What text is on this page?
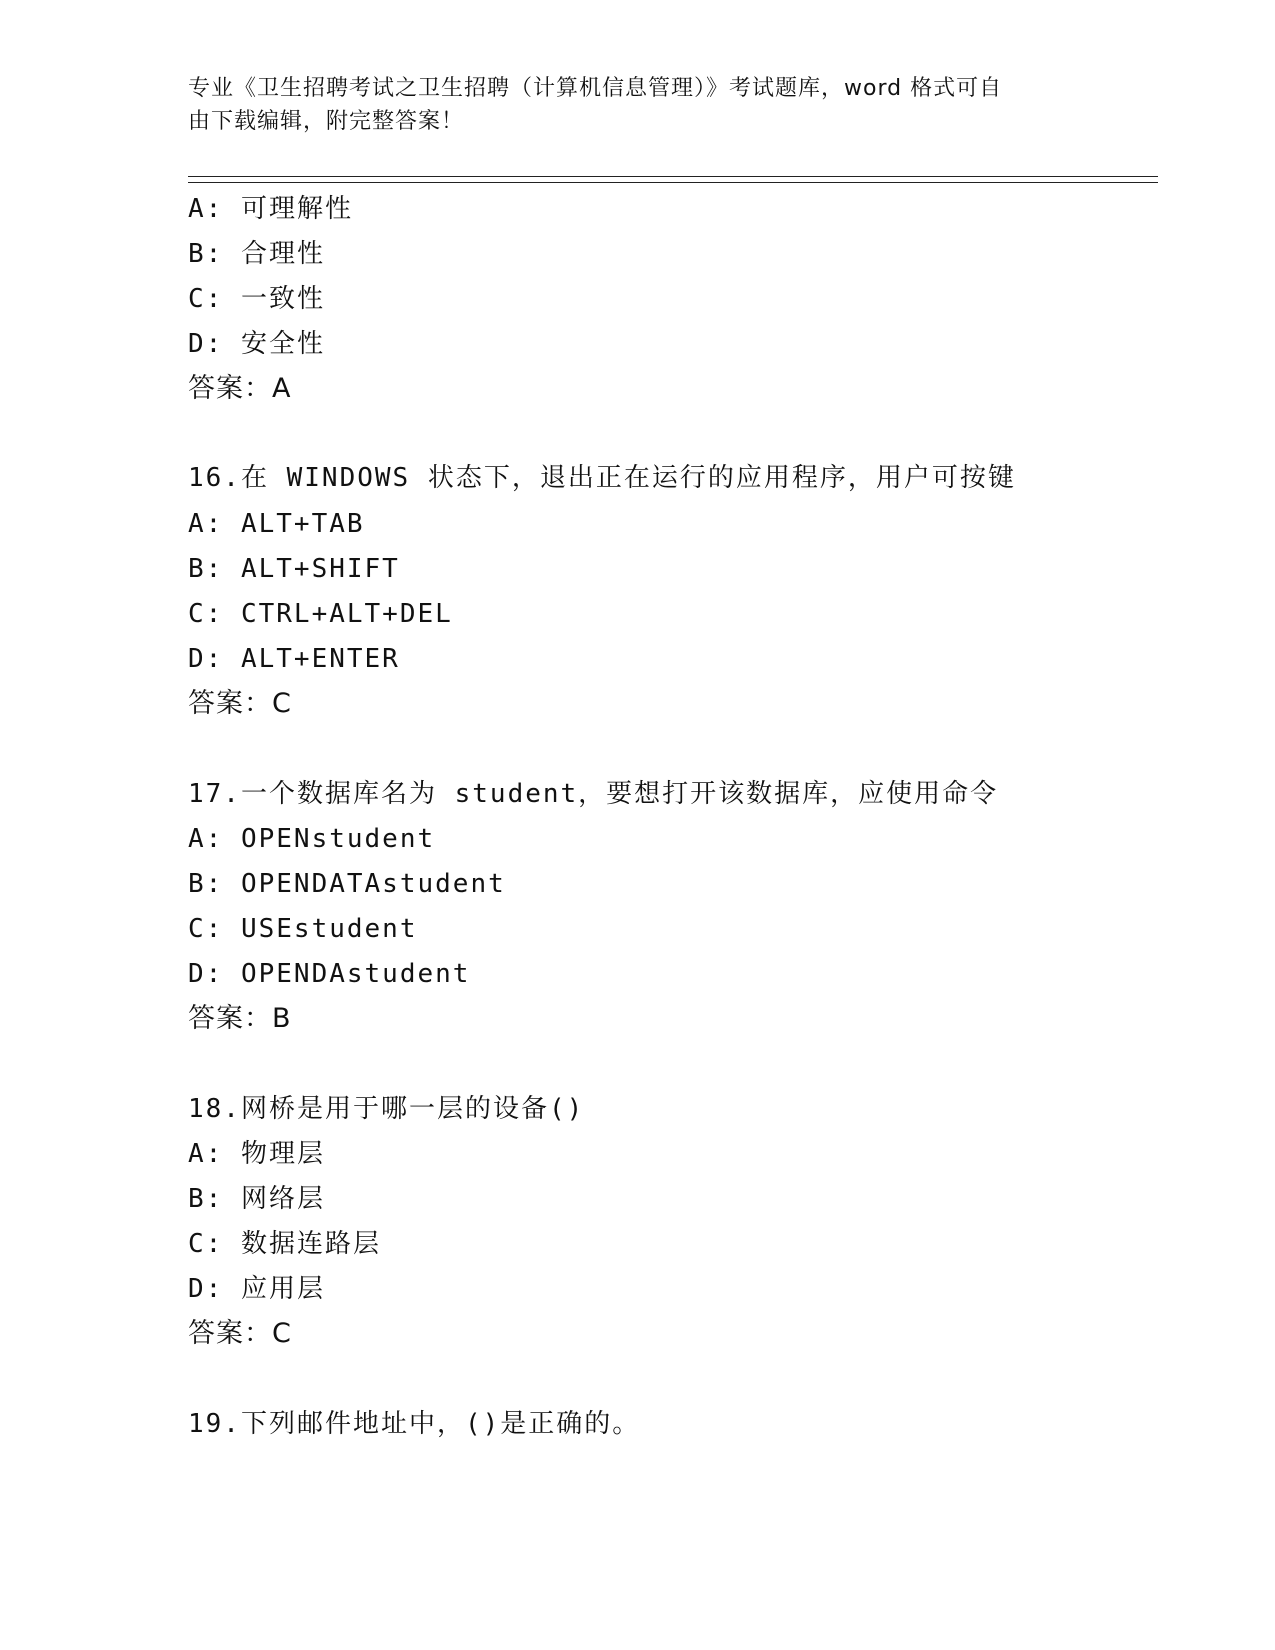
专业《卫生招聘考试之卫生招聘（计算机信息管理）》考试题库，word 格式可自
由下载编辑，附完整答案！
A: 可理解性
B: 合理性
C: 一致性
D: 安全性
答案：A
16.在 WINDOWS 状态下，退出正在运行的应用程序，用户可按键
A: ALT+TAB
B: ALT+SHIFT
C: CTRL+ALT+DEL
D: ALT+ENTER
答案：C
17.一个数据库名为 student，要想打开该数据库，应使用命令
A: OPENstudent
B: OPENDATAstudent
C: USEstudent
D: OPENDAstudent
答案：B
18.网桥是用于哪一层的设备()
A: 物理层
B: 网络层
C: 数据连路层
D: 应用层
答案：C
19.下列邮件地址中，()是正确的。
